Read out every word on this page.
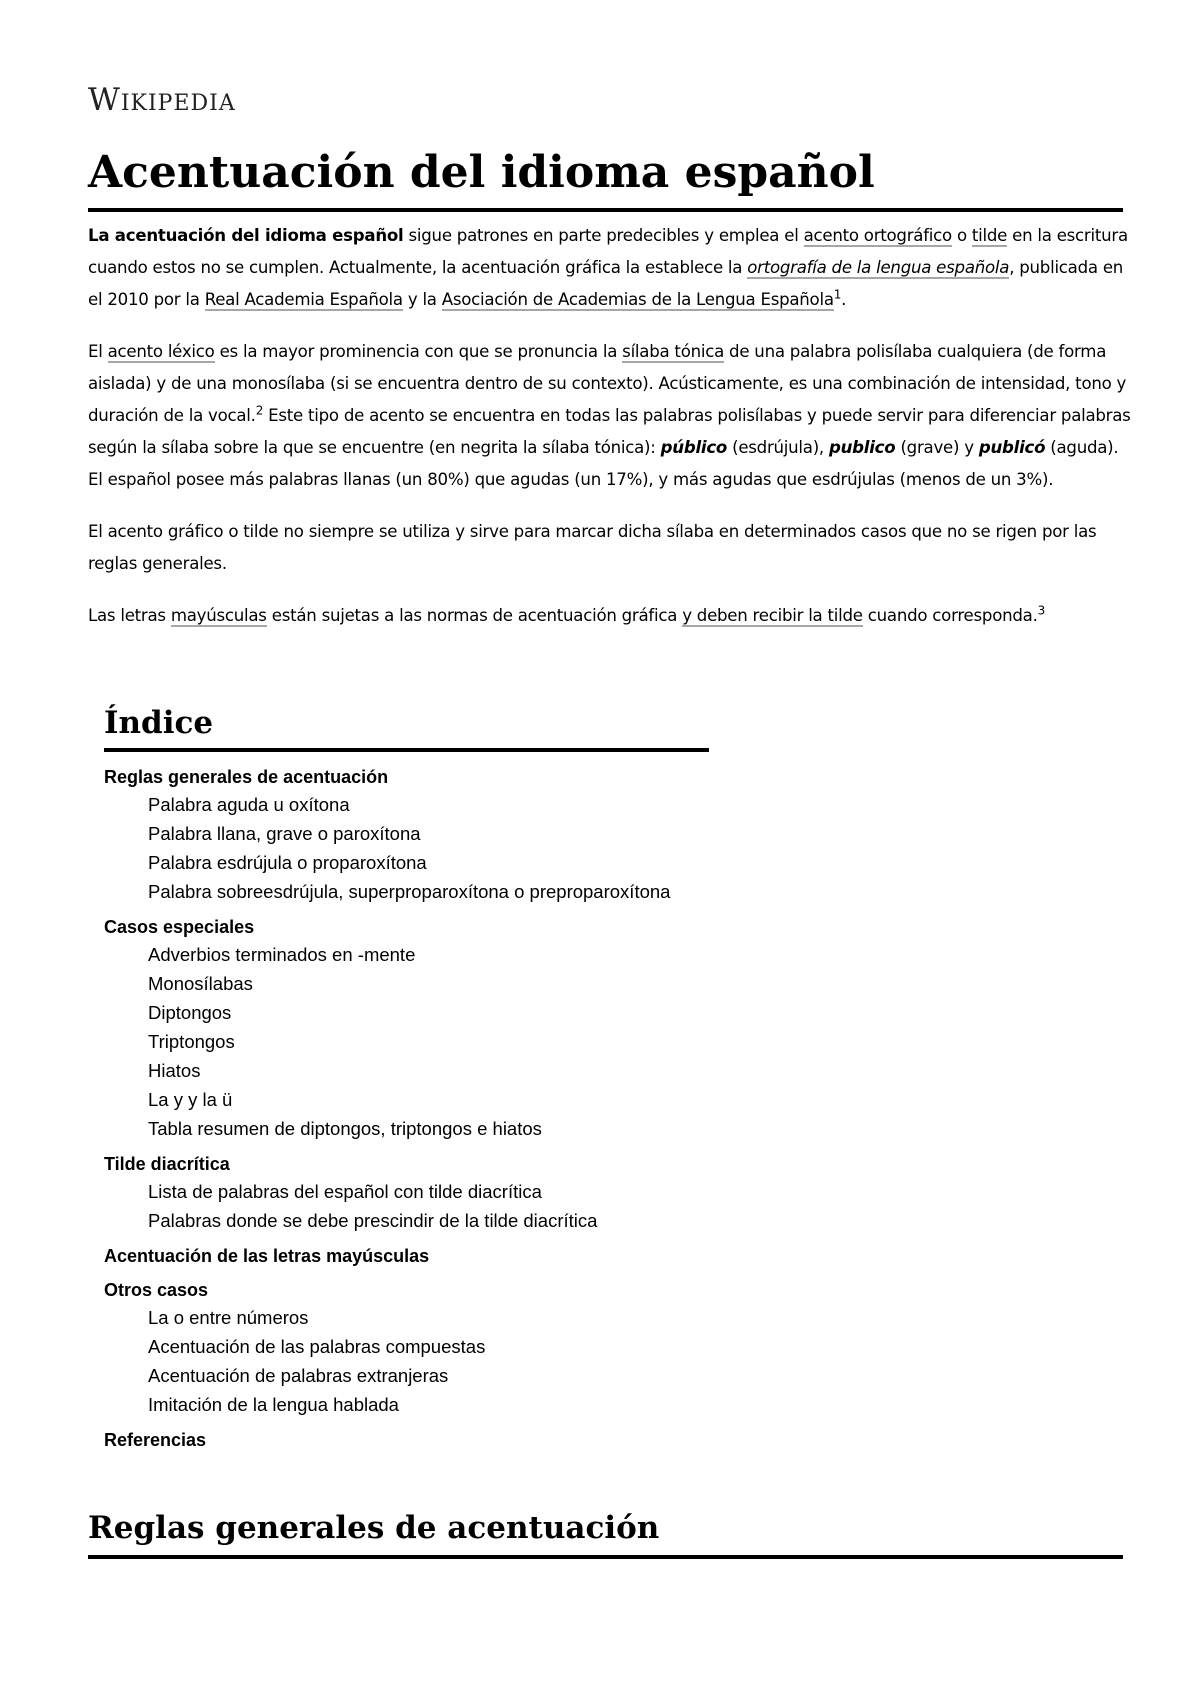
Wikipedia
Acentuación del idioma español

La acentuación del idioma español sigue patrones en parte predecibles y emplea el acento ortográfico o tilde en la escritura cuando estos no se cumplen. Actualmente, la acentuación gráfica la establece la ortografía de la lengua española, publicada en el 2010 por la Real Academia Española y la Asociación de Academias de la Lengua Española$^1$.

El acento léxico es la mayor prominencia con que se pronuncia la sílaba tónica de una palabra polisílaba cualquiera (de forma aislada) y de una monosílaba (si se encuentra dentro de su contexto). Acústicamente, es una combinación de intensidad, tono y duración de la vocal.$^2$ Este tipo de acento se encuentra en todas las palabras polisílabas y puede servir para diferenciar palabras según la sílaba sobre la que se encuentre (en negrita la sílaba tónica): público (esdrújula), publico (grave) y publicó (aguda). El español posee más palabras llanas (un 80%) que agudas (un 17%), y más agudas que esdrújulas (menos de un 3%).

El acento gráfico o tilde no siempre se utiliza y sirve para marcar dicha sílaba en determinados casos que no se rigen por las reglas generales.

Las letras mayúsculas están sujetas a las normas de acentuación gráfica y deben recibir la tilde cuando corresponda.$^3$

Índice
Reglas generales de acentuación
Palabra aguda u oxítona
Palabra llana, grave o paroxítona
Palabra esdrújula o proparoxítona
Palabra sobreesdrújula, superproparoxítona o preproparoxítona
Casos especiales
Adverbios terminados en -mente
Monosílabas
Diptongos
Triptongos
Hiatos
La y y la ü
Tabla resumen de diptongos, triptongos e hiatos
Tilde diacrítica
Lista de palabras del español con tilde diacrítica
Palabras donde se debe prescindir de la tilde diacrítica
Acentuación de las letras mayúsculas
Otros casos
La o entre números
Acentuación de las palabras compuestas
Acentuación de palabras extranjeras
Imitación de la lengua hablada
Referencias
Reglas generales de acentuación
